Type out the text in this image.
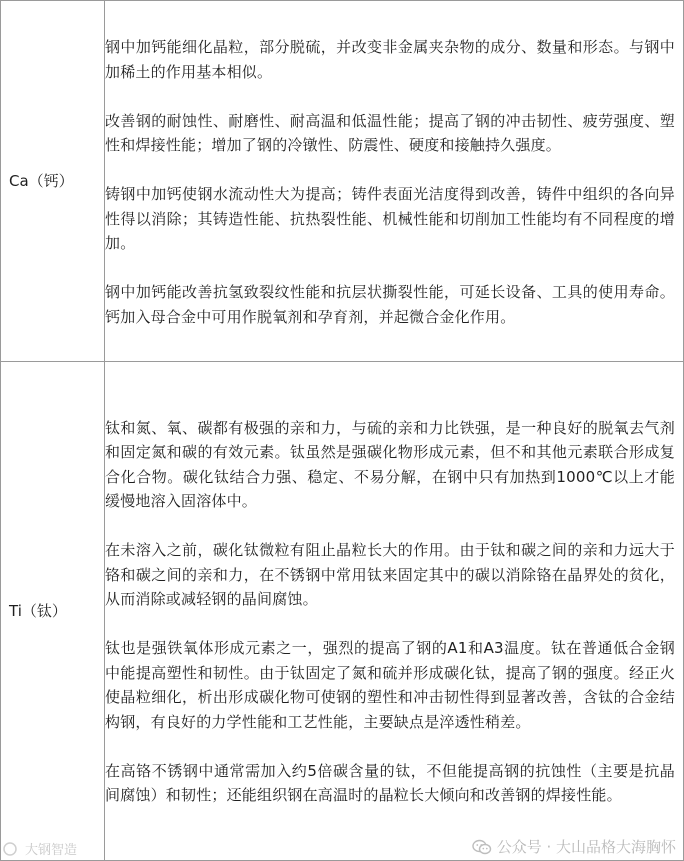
Ca（钙）	钢中加钙能细化晶粒，部分脱硫，并改变非金属夹杂物的成分、数量和形态。与钢中加稀土的作用基本相似。

改善钢的耐蚀性、耐磨性、耐高温和低温性能；提高了钢的冲击韧性、疲劳强度、塑性和焊接性能；增加了钢的冷镦性、防震性、硬度和接触持久强度。

铸钢中加钙使钢水流动性大为提高；铸件表面光洁度得到改善，铸件中组织的各向异性得以消除；其铸造性能、抗热裂性能、机械性能和切削加工性能均有不同程度的增加。

钢中加钙能改善抗氢致裂纹性能和抗层状撕裂性能，可延长设备、工具的使用寿命。钙加入母合金中可用作脱氧剂和孕育剂，并起微合金化作用。

Ti（钛）	钛和氮、氧、碳都有极强的亲和力，与硫的亲和力比铁强，是一种良好的脱氧去气剂和固定氮和碳的有效元素。钛虽然是强碳化物形成元素，但不和其他元素联合形成复合化合物。碳化钛结合力强、稳定、不易分解，在钢中只有加热到1000℃以上才能缓慢地溶入固溶体中。

在未溶入之前，碳化钛微粒有阻止晶粒长大的作用。由于钛和碳之间的亲和力远大于铬和碳之间的亲和力，在不锈钢中常用钛来固定其中的碳以消除铬在晶界处的贫化，从而消除或减轻钢的晶间腐蚀。

钛也是强铁氧体形成元素之一，强烈的提高了钢的A1和A3温度。钛在普通低合金钢中能提高塑性和韧性。由于钛固定了氮和硫并形成碳化钛，提高了钢的强度。经正火使晶粒细化，析出形成碳化物可使钢的塑性和冲击韧性得到显著改善，含钛的合金结构钢，有良好的力学性能和工艺性能，主要缺点是淬透性稍差。

在高铬不锈钢中通常需加入约5倍碳含量的钛，不但能提高钢的抗蚀性（主要是抗晶间腐蚀）和韧性；还能组织钢在高温时的晶粒长大倾向和改善钢的焊接性能。

大钢智造	公众号 · 大山品格大海胸怀
